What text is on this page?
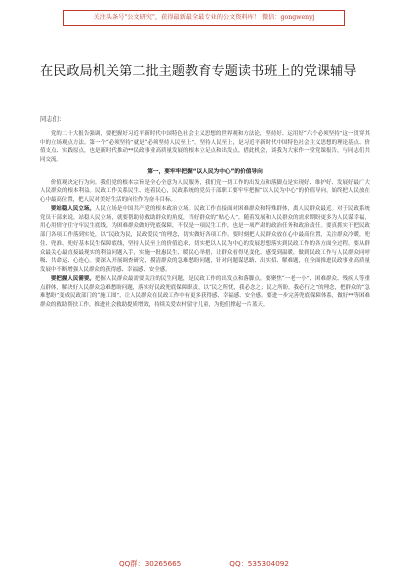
关注头条号"公文研究"，获得最新最全最专业的公文资料库！ 微信：gongwenyj
在民政局机关第二批主题教育专题读书班上的党课辅导
同志们：

党的二十大报告强调，要把握好习近平新时代中国特色社会主义思想的世界观和方法论，坚持好、运用好“六个必须坚持”这一贯穿其中的立场观点方法。第一个“必须坚持”就是“必须坚持人民至上”。坚持人民至上，是习近平新时代中国特色社会主义思想的理论基点、价值支点、实践原点，也是新时代推动**民政事业高质量发展的根本立足点和出发点。借此机会，谈我为大家作一堂党课报告，与同志们共同交流。

第一，要牢牢把握“以人民为中心”的价值导向

价值观决定行为向。我们党的根本宗旨是全心全意为人民服务，我们党一切工作的出发点和落脚点是实现好、维护好、发展好最广大人民群众的根本利益。民政工作关系民生、连着民心，民政系统的党员干部职工要牢牢把握“以人民为中心”的价值导向，始终把人民放在心中最高位置，把人民对美好生活的向往作为奋斗目标。

要站稳人民立场。人民立场是中国共产党的根本政治立场。民政工作直接面对困难群众和特殊群体，离人民群众最近。对于民政系统党员干部来说，站稳人民立场，就要帮助待救助群众的角度，当好群众的“贴心人”。随着发展和人民群众的需求期盼更多为人民谋幸福，用心用情守住守牢民生底线，为困难群众做好兜底保障，不仅是一项民生工作，也是一项严肃的政治任务和政治责任。要真抓实干把民政部门各项工作落到实处，以“民政为民，民政爱民”的理念，切实做好各项工作。要时刻把人民群众放在心中最高位置，关注群众冷暖，兜住、兜准、兜好基本民生保障底线，坚持人民至上的价值追求，切实把以人民为中心的发展思想落实到民政工作的各方面全过程。要从群众最关心最直接最现实的利益问题入手，实施一批惠民生、暖民心举措，让群众看得见变化、感受到温暖，做到民政工作与人民群众同呼吸、共命运、心连心。要深入开展调查研究，摸清群众的急难愁盼问题，针对问题谋思路、出实招、解难题，在全面推进民政事业高质量发展中不断增强人民群众的获得感、幸福感、安全感。

要把握人民需要。把握人民群众最需要关注的民生问题，是民政工作的出发点和落脚点。要聚焦“一老一小”、困难群众、残疾人等重点群体，解决好人民群众急难愁盼问题，落实好民政兜底保障职责，以“民之所忧，我必念之；民之所盼，我必行之”的理念，把群众的“急难愁盼”变成民政部门的“施工图”，让人民群众在民政工作中有更多获得感、幸福感、安全感。要进一步完善兜底保障体系，做好**等困难群众的救助帮扶工作，推进社会救助提质增效，持续关爱农村留守儿童，为他们撑起一片蓝天。

QQ群：30265665	QQ：535304092
